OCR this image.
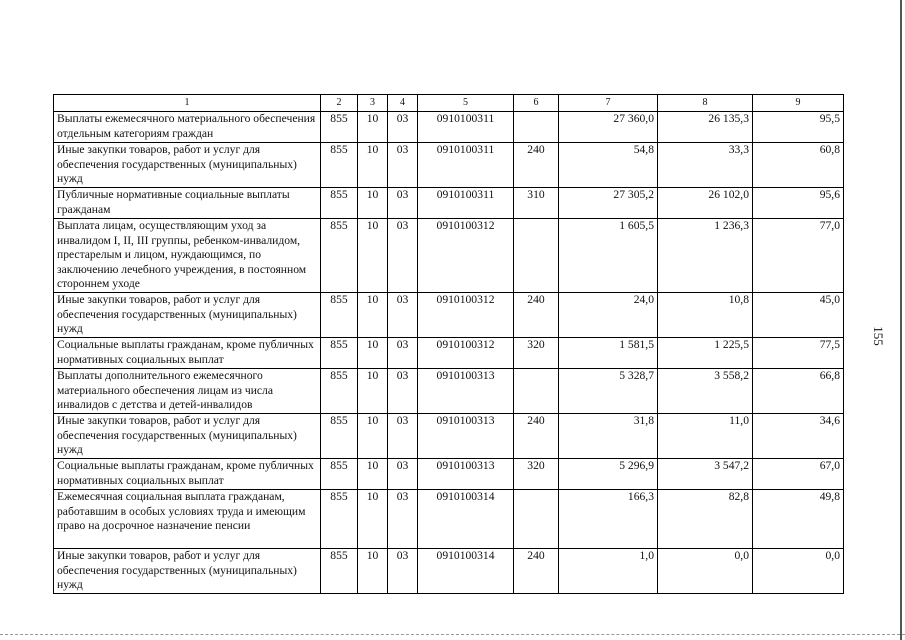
1	2	3	4	5	6	7	8	9
Выплаты ежемесячного материального обеспечения отдельным категориям граждан	855	10	03	0910100311		27 360,0	26 135,3	95,5
Иные закупки товаров, работ и услуг для обеспечения государственных (муниципальных) нужд	855	10	03	0910100311	240	54,8	33,3	60,8
Публичные нормативные социальные выплаты гражданам	855	10	03	0910100311	310	27 305,2	26 102,0	95,6
Выплата лицам, осуществляющим уход за инвалидом I, II, III группы, ребенком-инвалидом, престарелым и лицом, нуждающимся, по заключению лечебного учреждения, в постоянном стороннем уходе	855	10	03	0910100312		1 605,5	1 236,3	77,0
Иные закупки товаров, работ и услуг для обеспечения государственных (муниципальных) нужд	855	10	03	0910100312	240	24,0	10,8	45,0
Социальные выплаты гражданам, кроме публичных нормативных социальных выплат	855	10	03	0910100312	320	1 581,5	1 225,5	77,5
Выплаты дополнительного ежемесячного материального обеспечения лицам из числа инвалидов с детства и детей-инвалидов	855	10	03	0910100313		5 328,7	3 558,2	66,8
Иные закупки товаров, работ и услуг для обеспечения государственных (муниципальных) нужд	855	10	03	0910100313	240	31,8	11,0	34,6
Социальные выплаты гражданам, кроме публичных нормативных социальных выплат	855	10	03	0910100313	320	5 296,9	3 547,2	67,0
Ежемесячная социальная выплата гражданам, работавшим в особых условиях труда и имеющим право на досрочное назначение пенсии	855	10	03	0910100314		166,3	82,8	49,8
Иные закупки товаров, работ и услуг для обеспечения государственных (муниципальных) нужд	855	10	03	0910100314	240	1,0	0,0	0,0
155
